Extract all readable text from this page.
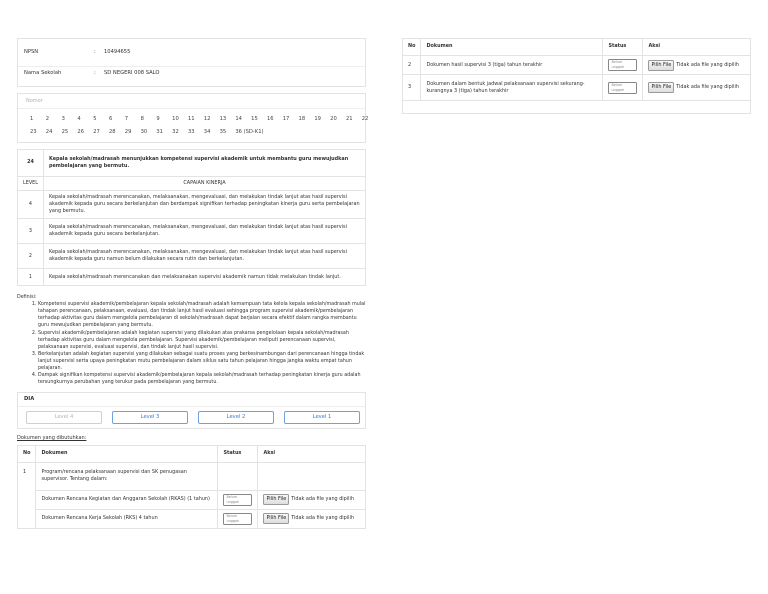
NPSN	: 10494655
Nama Sekolah	: SD NEGERI 008 SALO
Nomor
1	2	3	4	5	6	7	8	9	10	11	12	13	14	15	16	17	18	19	20	21	22
23	24	25	26	27	28	29	30	31	32	33	34	35	36 (SD-K1)
24	Kepala sekolah/madrasah menunjukkan kompetensi supervisi akademik untuk membantu guru mewujudkan pembelajaran yang bermutu.
LEVEL	CAPAIAN KINERJA
4	Kepala sekolah/madrasah merencanakan, melaksanakan, mengevaluasi, dan melakukan tindak lanjut atas hasil supervisi akademik kepada guru secara berkelanjutan dan berdampak signifikan terhadap peningkatan kinerja guru serta pembelajaran yang bermutu.
3	Kepala sekolah/madrasah merencanakan, melaksanakan, mengevaluasi, dan melakukan tindak lanjut atas hasil supervisi akademik kepada guru secara berkelanjutan.
2	Kepala sekolah/madrasah merencanakan, melaksanakan, mengevaluasi, dan melakukan tindak lanjut atas hasil supervisi akademik kepada guru namun belum dilakukan secara rutin dan berkelanjutan.
1	Kepala sekolah/madrasah merencanakan dan melaksanakan supervisi akademik namun tidak melakukan tindak lanjut.
Definisi:
1. Kompetensi supervisi akademik/pembelajaran kepala sekolah/madrasah adalah kemampuan tata kelola kepala sekolah/madrasah mulai tahapan perencanaan, pelaksanaan, evaluasi, dan tindak lanjut hasil evaluasi sehingga program supervisi akademik/pembelajaran terhadap aktivitas guru dalam mengelola pembelajaran di sekolah/madrasah dapat berjalan secara efektif dalam rangka membantu guru mewujudkan pembelajaran yang bermutu.
2. Supervisi akademik/pembelajaran adalah kegiatan supervisi yang dilakukan atas prakarsa pengelolaan kepala sekolah/madrasah terhadap aktivitas guru dalam mengelola pembelajaran. Supervisi akademik/pembelajaran meliputi perencanaan supervisi, pelaksanaan supervisi, evaluasi supervisi, dan tindak lanjut hasil supervisi.
3. Berkelanjutan adalah kegiatan supervisi yang dilakukan sebagai suatu proses yang berkesinambungan dari perencanaan hingga tindak lanjut supervisi serta upaya peningkatan mutu pembelajaran dalam siklus satu tahun pelajaran hingga jangka waktu empat tahun pelajaran.
4. Dampak signifikan kompetensi supervisi akademik/pembelajaran kepala sekolah/madrasah terhadap peningkatan kinerja guru adalah tersungkurnya perubahan yang terukur pada pembelajaran yang bermutu.
DIA
Level 4	Level 3	Level 2	Level 1
Dokumen yang dibutuhkan:
No	Dokumen	Status	Aksi
1	Program/rencana pelaksanaan supervisi dan SK penugasan supervisor. Tentang dalam:		
	Dokumen Rencana Kegiatan dan Anggaran Sekolah (RKAS) (1 tahun)	Belum unggah	Pilih File Tidak ada file yang dipilih
	Dokumen Rencana Kerja Sekolah (RKS) 4 tahun	Belum unggah	Pilih File Tidak ada file yang dipilih
No	Dokumen	Status	Aksi
2	Dokumen hasil supervisi 3 (tiga) tahun terakhir	Belum unggah	Pilih File Tidak ada file yang dipilih
3	Dokumen dalam bentuk jadwal pelaksanaan supervisi sekurang-kurangnya 3 (tiga) tahun terakhir	Belum unggah	Pilih File Tidak ada file yang dipilih
